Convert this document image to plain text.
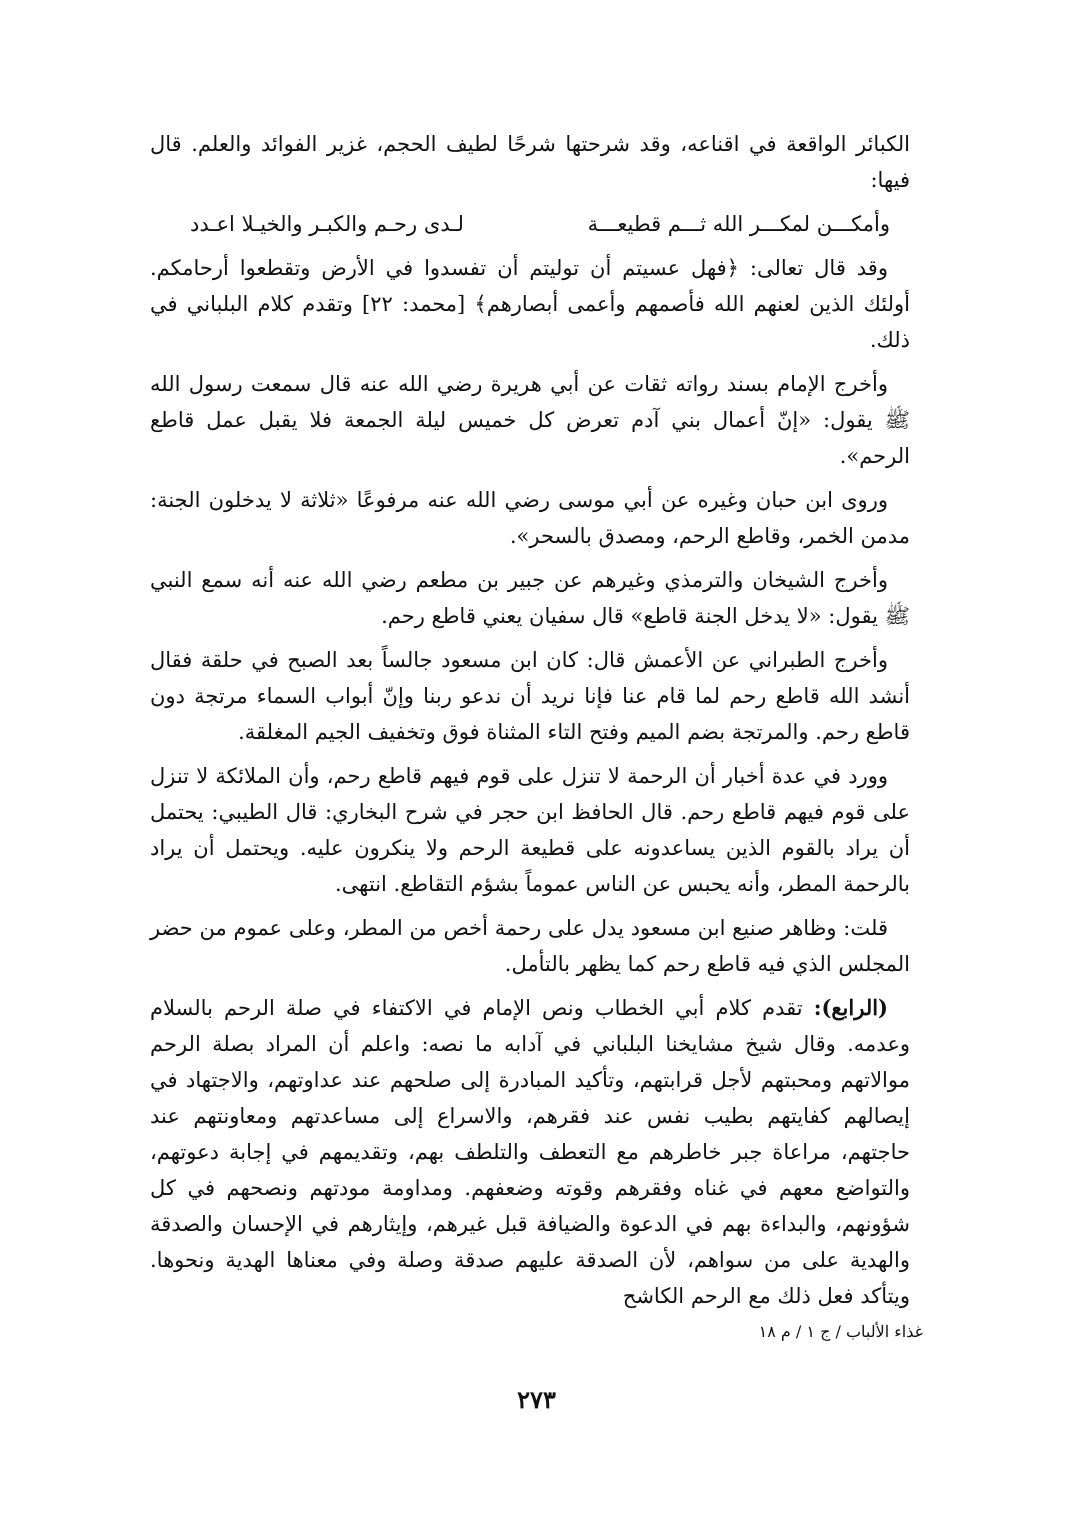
الكبائر الواقعة في اقناعه، وقد شرحتها شرحًا لطيف الحجم، غزير الفوائد والعلم. قال فيها:

وأمكـــن لمكـــر الله ثـــم قطيعـــة
لـدى رحـم والكبـر والخيـلا اعـدد

وقد قال تعالى: ﴿فهل عسيتم أن توليتم أن تفسدوا في الأرض وتقطعوا أرحامكم. أولئك الذين لعنهم الله فأصمهم وأعمى أبصارهم﴾ [محمد: ٢٢] وتقدم كلام البلباني في ذلك.

وأخرج الإمام بسند رواته ثقات عن أبي هريرة رضي الله عنه قال سمعت رسول الله ﷺ يقول: «إنّ أعمال بني آدم تعرض كل خميس ليلة الجمعة فلا يقبل عمل قاطع الرحم».

وروى ابن حبان وغيره عن أبي موسى رضي الله عنه مرفوعًا «ثلاثة لا يدخلون الجنة: مدمن الخمر، وقاطع الرحم، ومصدق بالسحر».

وأخرج الشيخان والترمذي وغيرهم عن جبير بن مطعم رضي الله عنه أنه سمع النبي ﷺ يقول: «لا يدخل الجنة قاطع» قال سفيان يعني قاطع رحم.

وأخرج الطبراني عن الأعمش قال: كان ابن مسعود جالساً بعد الصبح في حلقة فقال أنشد الله قاطع رحم لما قام عنا فإنا نريد أن ندعو ربنا وإنّ أبواب السماء مرتجة دون قاطع رحم. والمرتجة بضم الميم وفتح التاء المثناة فوق وتخفيف الجيم المغلقة.

وورد في عدة أخبار أن الرحمة لا تنزل على قوم فيهم قاطع رحم، وأن الملائكة لا تنزل على قوم فيهم قاطع رحم. قال الحافظ ابن حجر في شرح البخاري: قال الطيبي: يحتمل أن يراد بالقوم الذين يساعدونه على قطيعة الرحم ولا ينكرون عليه. ويحتمل أن يراد بالرحمة المطر، وأنه يحبس عن الناس عموماً بشؤم التقاطع. انتهى.

قلت: وظاهر صنيع ابن مسعود يدل على رحمة أخص من المطر، وعلى عموم من حضر المجلس الذي فيه قاطع رحم كما يظهر بالتأمل.

(الرابع): تقدم كلام أبي الخطاب ونص الإمام في الاكتفاء في صلة الرحم بالسلام وعدمه. وقال شيخ مشايخنا البلباني في آدابه ما نصه: واعلم أن المراد بصلة الرحم موالاتهم ومحبتهم لأجل قرابتهم، وتأكيد المبادرة إلى صلحهم عند عداوتهم، والاجتهاد في إيصالهم كفايتهم بطيب نفس عند فقرهم، والاسراع إلى مساعدتهم ومعاونتهم عند حاجتهم، مراعاة جبر خاطرهم مع التعطف والتلطف بهم، وتقديمهم في إجابة دعوتهم، والتواضع معهم في غناه وفقرهم وقوته وضعفهم. ومداومة مودتهم ونصحهم في كل شؤونهم، والبداءة بهم في الدعوة والضيافة قبل غيرهم، وإيثارهم في الإحسان والصدقة والهدية على من سواهم، لأن الصدقة عليهم صدقة وصلة وفي معناها الهدية ونحوها. ويتأكد فعل ذلك مع الرحم الكاشح

غذاء الألباب / ج ١ / م ١٨
٢٧٣
